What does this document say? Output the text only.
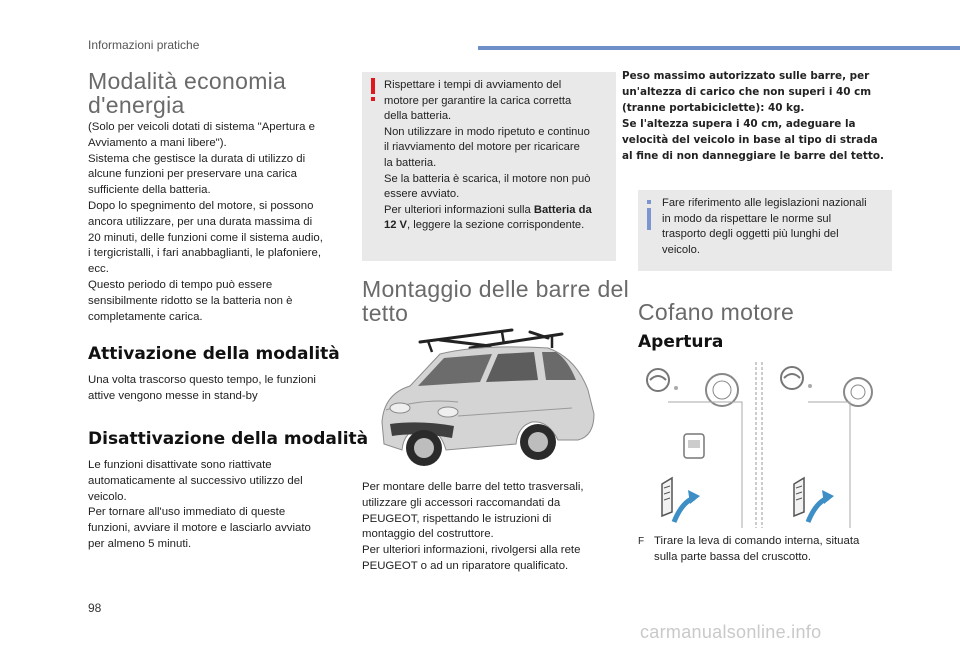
Informazioni pratiche
Modalità economia
d'energia

(Solo per veicoli dotati di sistema "Apertura e

Avviamento a mani libere").

Sistema che gestisce la durata di utilizzo di

alcune funzioni per preservare una carica

sufficiente della batteria.

Dopo lo spegnimento del motore, si possono

ancora utilizzare, per una durata massima di

20 minuti, delle funzioni come il sistema audio,

i tergicristalli, i fari anabbaglianti, le plafoniere,

ecc.

Questo periodo di tempo può essere

sensibilmente ridotto se la batteria non è

completamente carica.

Attivazione della modalità

Una volta trascorso questo tempo, le funzioni

attive vengono messe in stand-by

Disattivazione della modalità

Le funzioni disattivate sono riattivate

automaticamente al successivo utilizzo del

veicolo.

Per tornare all'uso immediato di queste

funzioni, avviare il motore e lasciarlo avviato

per almeno 5 minuti.

Rispettare i tempi di avviamento del

motore per garantire la carica corretta

della batteria.

Non utilizzare in modo ripetuto e continuo

il riavviamento del motore per ricaricare

la batteria.

Se la batteria è scarica, il motore non può

essere avviato.

Per ulteriori informazioni sulla Batteria da

12 V, leggere la sezione corrispondente.

Montaggio delle barre del
tetto

Per montare delle barre del tetto trasversali,

utilizzare gli accessori raccomandati da

PEUGEOT, rispettando le istruzioni di

montaggio del costruttore.

Per ulteriori informazioni, rivolgersi alla rete

PEUGEOT o ad un riparatore qualificato.

Peso massimo autorizzato sulle barre, per

un'altezza di carico che non superi i 40 cm

(tranne portabiciclette): 40 kg.

Se l'altezza supera i 40 cm, adeguare la

velocità del veicolo in base al tipo di strada

al fine di non danneggiare le barre del tetto.

Fare riferimento alle legislazioni nazionali

in modo da rispettare le norme sul

trasporto degli oggetti più lunghi del

veicolo.

Cofano motore
Apertura

F Tirare la leva di comando interna, situata

sulla parte bassa del cruscotto.

98
carmanualsonline.info
